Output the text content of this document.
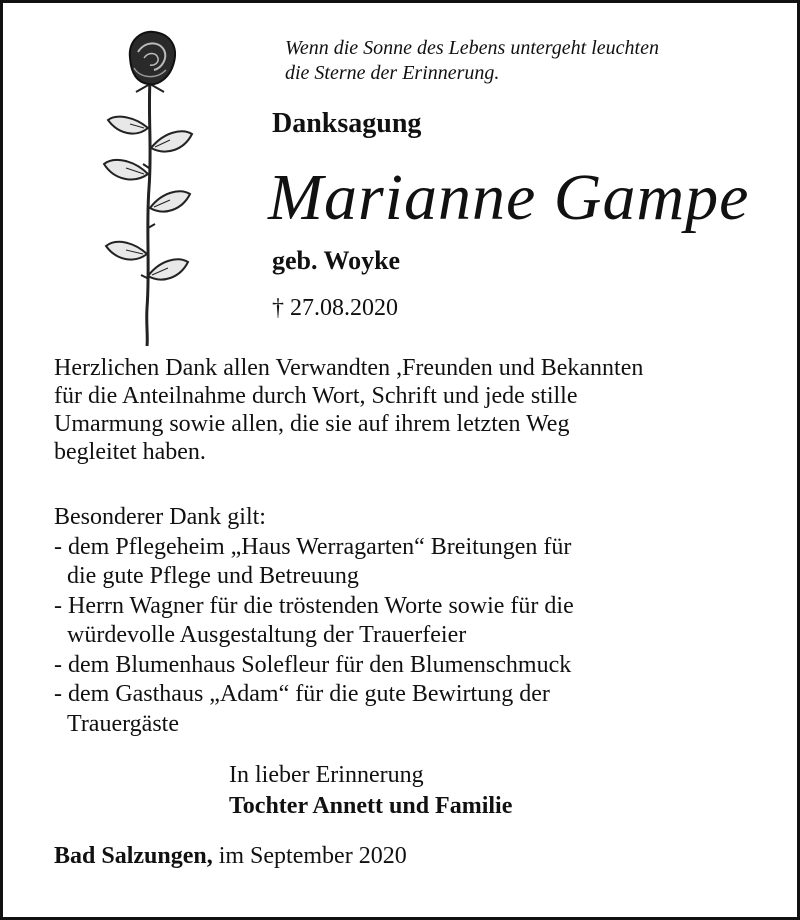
Wenn die Sonne des Lebens untergeht leuchten
die Sterne der Erinnerung.
Danksagung
Marianne Gampe
geb. Woyke
† 27.08.2020
Herzlichen Dank allen Verwandten ,Freunden und Bekannten
für die Anteilnahme durch Wort, Schrift und jede stille
Umarmung sowie allen, die sie auf ihrem letzten Weg
begleitet haben.
Besonderer Dank gilt:
- dem Pflegeheim „Haus Werragarten“ Breitungen für
die gute Pflege und Betreuung
- Herrn Wagner für die tröstenden Worte sowie für die
würdevolle Ausgestaltung der Trauerfeier
- dem Blumenhaus Solefleur für den Blumenschmuck
- dem Gasthaus „Adam“ für die gute Bewirtung der
Trauergäste
In lieber Erinnerung
Tochter Annett und Familie
Bad Salzungen, im September 2020
